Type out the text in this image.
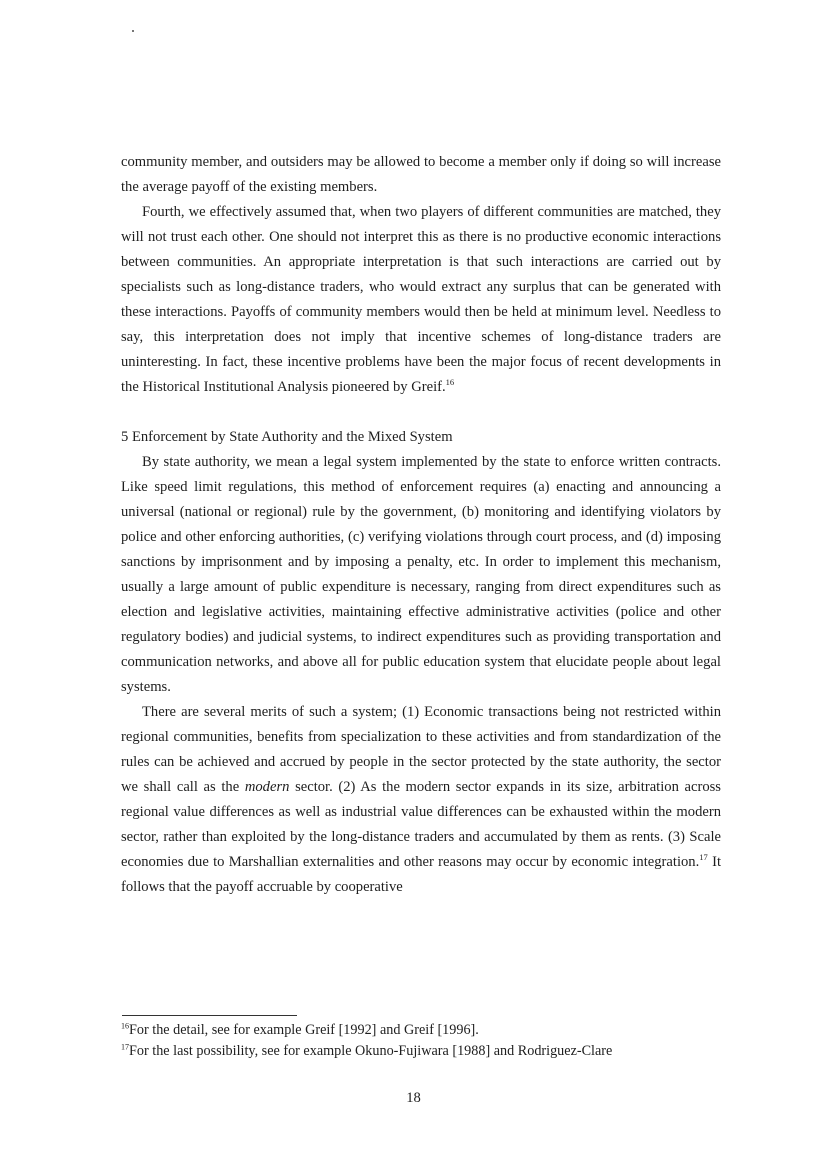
community member, and outsiders may be allowed to become a member only if doing so will increase the average payoff of the existing members.

Fourth, we effectively assumed that, when two players of different communities are matched, they will not trust each other. One should not interpret this as there is no productive economic interactions between communities. An appropriate interpretation is that such interactions are carried out by specialists such as long-distance traders, who would extract any surplus that can be generated with these interactions. Payoffs of community members would then be held at minimum level. Needless to say, this interpretation does not imply that incentive schemes of long-distance traders are uninteresting. In fact, these incentive problems have been the major focus of recent developments in the Historical Institutional Analysis pioneered by Greif.$^{16}$

5 Enforcement by State Authority and the Mixed System

By state authority, we mean a legal system implemented by the state to enforce written contracts. Like speed limit regulations, this method of enforcement requires (a) enacting and announcing a universal (national or regional) rule by the government, (b) monitoring and identifying violators by police and other enforcing authorities, (c) verifying violations through court process, and (d) imposing sanctions by imprisonment and by imposing a penalty, etc. In order to implement this mechanism, usually a large amount of public expenditure is necessary, ranging from direct expenditures such as election and legislative activities, maintaining effective administrative activities (police and other regulatory bodies) and judicial systems, to indirect expenditures such as providing transportation and communication networks, and above all for public education system that elucidate people about legal systems.

There are several merits of such a system; (1) Economic transactions being not restricted within regional communities, benefits from specialization to these activities and from standardization of the rules can be achieved and accrued by people in the sector protected by the state authority, the sector we shall call as the modern sector. (2) As the modern sector expands in its size, arbitration across regional value differences as well as industrial value differences can be exhausted within the modern sector, rather than exploited by the long-distance traders and accumulated by them as rents. (3) Scale economies due to Marshallian externalities and other reasons may occur by economic integration.$^{17}$ It follows that the payoff accruable by cooperative

$^{16}$For the detail, see for example Greif [1992] and Greif [1996].

$^{17}$For the last possibility, see for example Okuno-Fujiwara [1988] and Rodriguez-Clare

18
